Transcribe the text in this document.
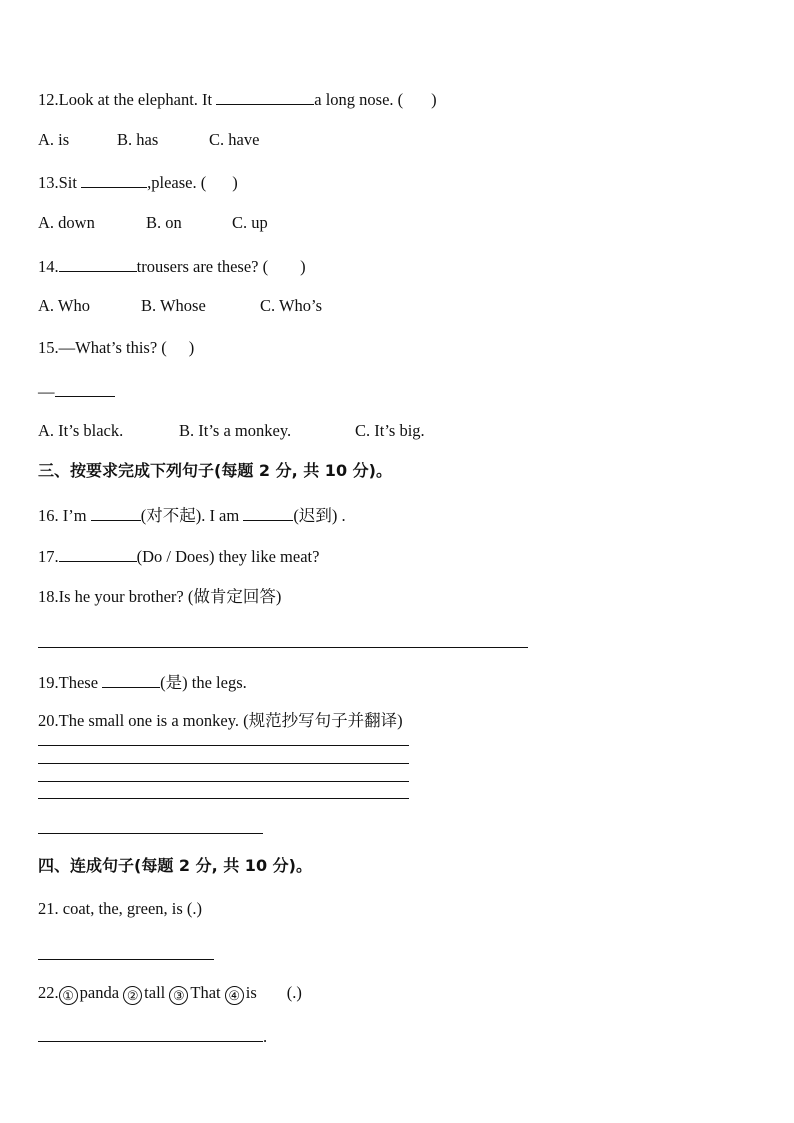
12.Look at the elephant. It	a long nose. ( )
A. is	B. has	C. have
13.Sit	,please. ( )
A. down	B. on	C. up
14.	trousers are these? ( )
A. Who	B. Whose	C. Who’s
15.—What’s this? ( )
—
A. It’s black.	B. It’s a monkey.	C. It’s big.
三、按要求完成下列句子(每题 2 分, 共 10 分)。
16. I’m	(对不起). I am	(迟到) .
17.	(Do / Does) they like meat?
18.Is he your brother? (做肯定回答)
19.These	(是) the legs.
20.The small one is a monkey. (规范抄写句子并翻译)
四、连成句子(每题 2 分, 共 10 分)。
21. coat, the, green, is (.)
22. ① panda ② tall ③ That ④ is (.)
.
